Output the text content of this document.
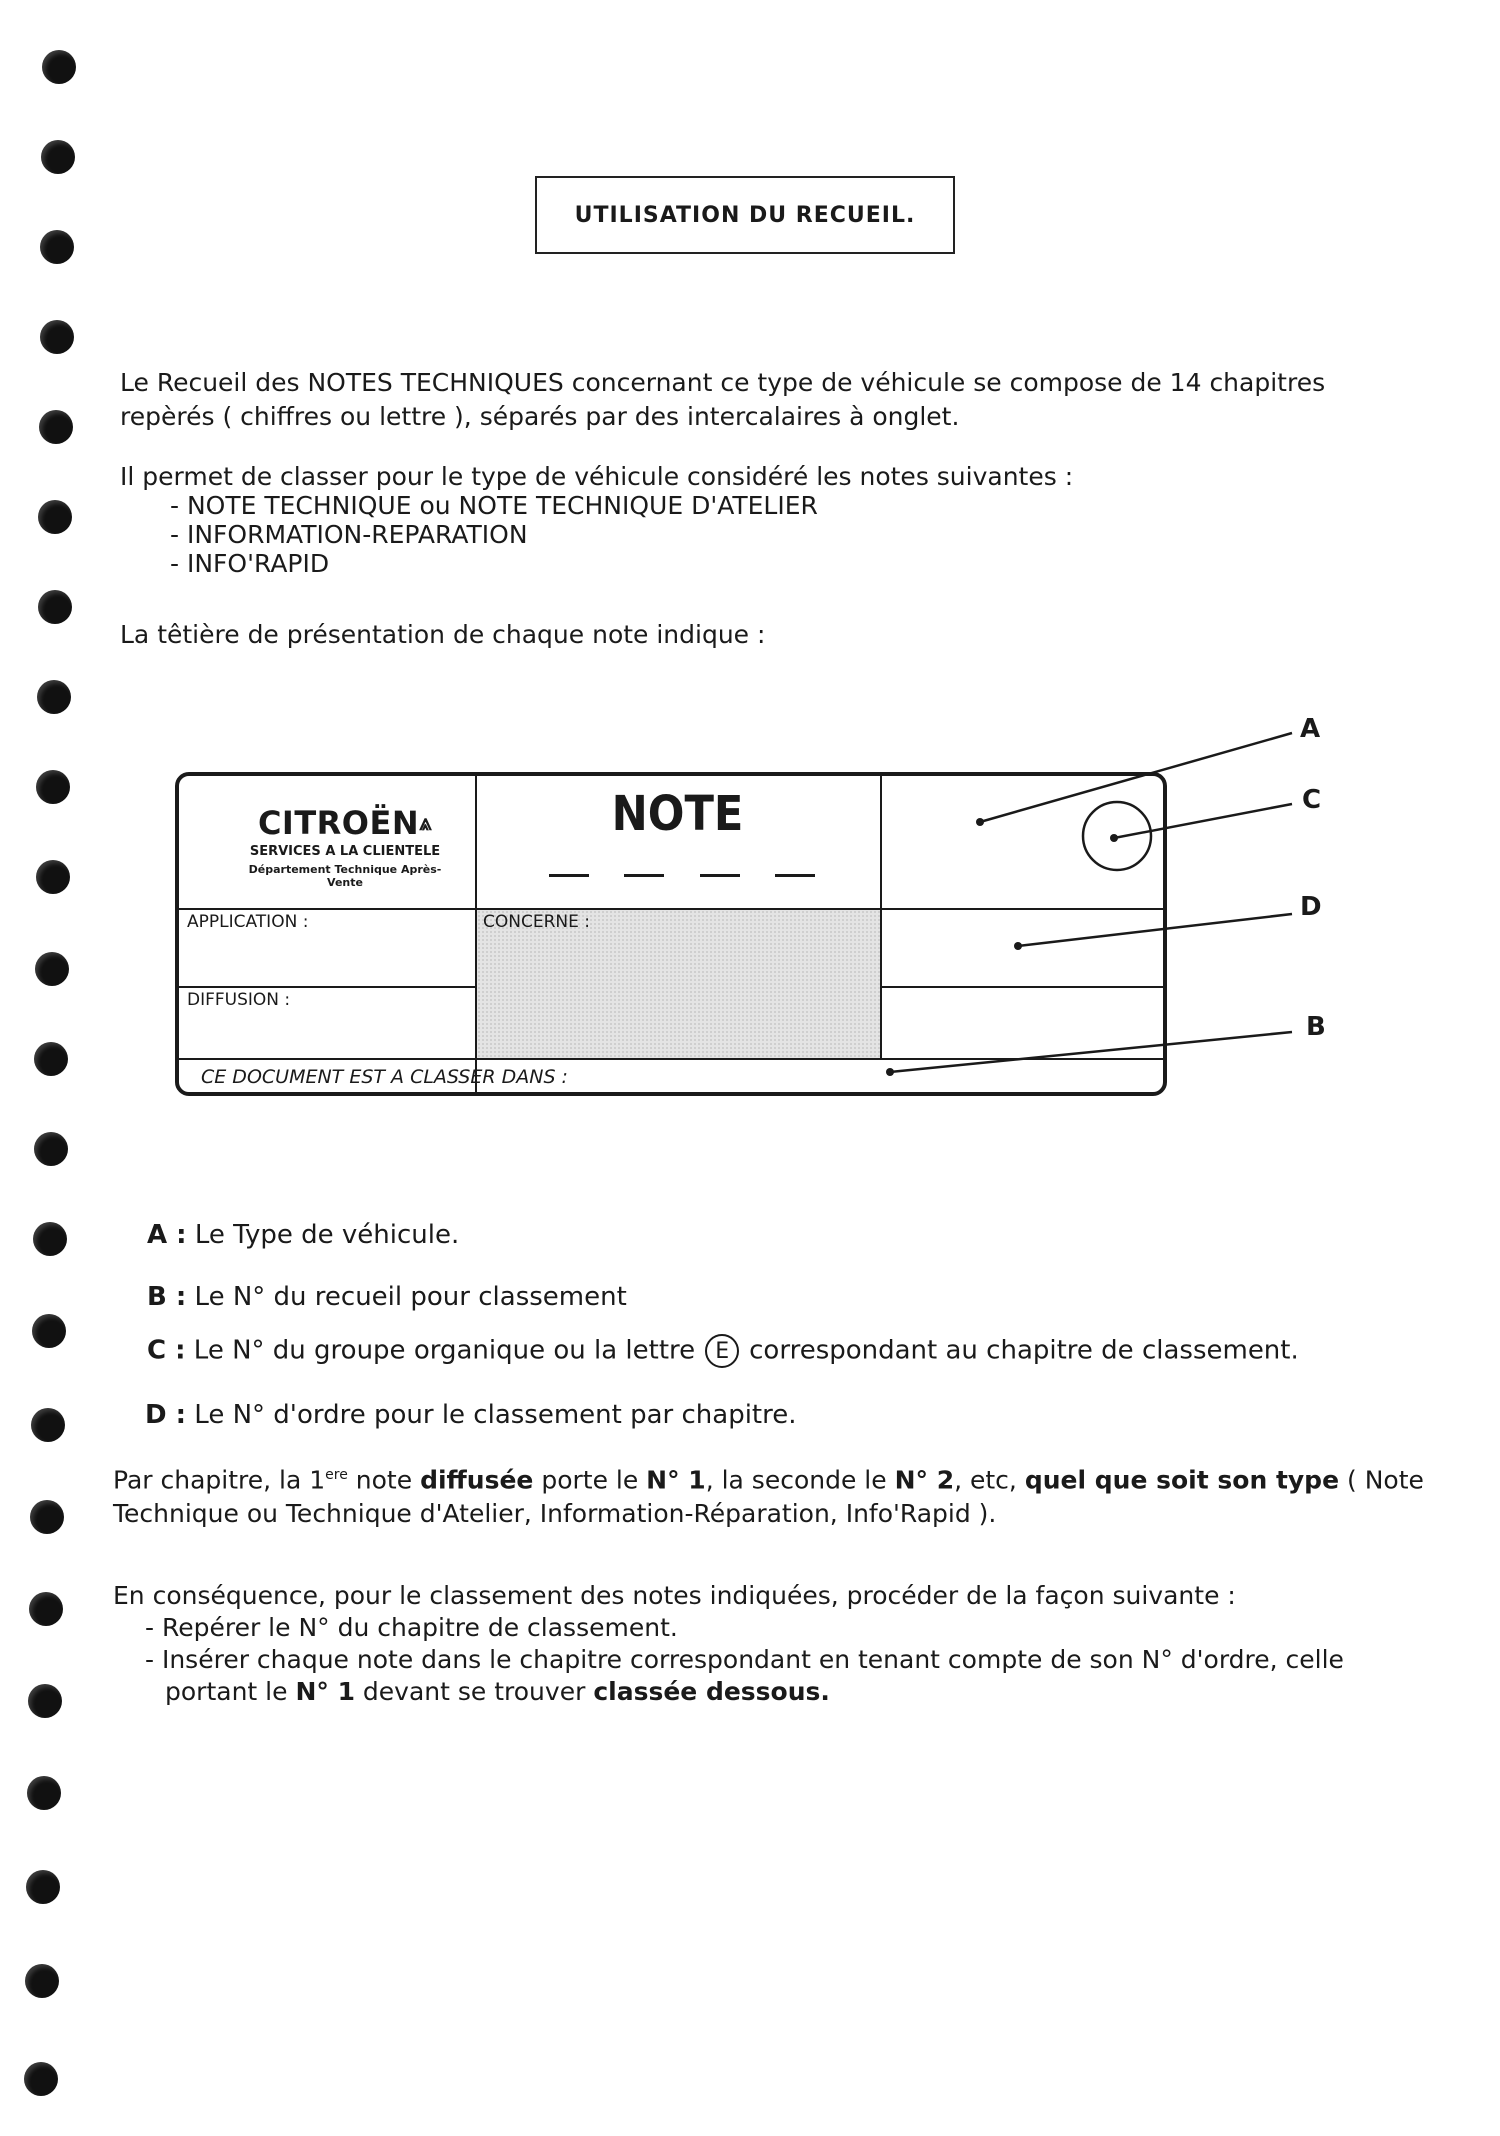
UTILISATION DU RECUEIL.
Le Recueil des NOTES TECHNIQUES concernant ce type de véhicule se compose de 14 chapitres
repèrés ( chiffres ou lettre ), séparés par des intercalaires à onglet.
Il permet de classer pour le type de véhicule considéré les notes suivantes :
- NOTE TECHNIQUE ou NOTE TECHNIQUE D'ATELIER
- INFORMATION-REPARATION
- INFO'RAPID
La têtière de présentation de chaque note indique :
CITROËN⩓
SERVICES A LA CLIENTELE
Département Technique Après-Vente
NOTE
APPLICATION :	CONCERNE :
DIFFUSION :
CE DOCUMENT EST A CLASSER DANS :
A
C
D
B
A : Le Type de véhicule.
B : Le N° du recueil pour classement
C : Le N° du groupe organique ou la lettre E correspondant au chapitre de classement.
D : Le N° d'ordre pour le classement par chapitre.
Par chapitre, la 1ere note diffusée porte le N° 1, la seconde le N° 2, etc, quel que soit son type ( Note
Technique ou Technique d'Atelier, Information-Réparation, Info'Rapid ).
En conséquence, pour le classement des notes indiquées, procéder de la façon suivante :
- Repérer le N° du chapitre de classement.
- Insérer chaque note dans le chapitre correspondant en tenant compte de son N° d'ordre, celle
portant le N° 1 devant se trouver classée dessous.
